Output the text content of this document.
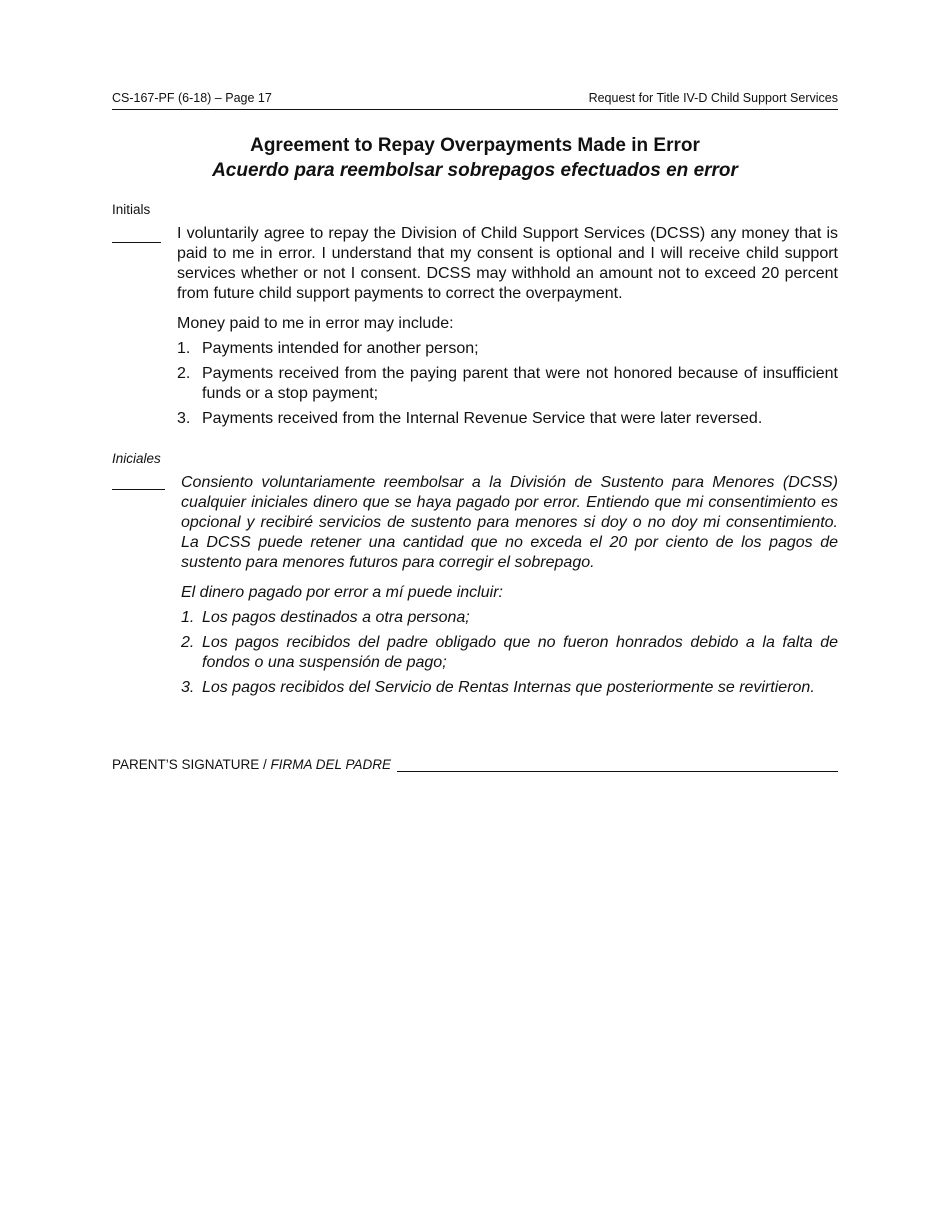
CS-167-PF (6-18) – Page 17	Request for Title IV-D Child Support Services
Agreement to Repay Overpayments Made in Error
Acuerdo para reembolsar sobrepagos efectuados en error
Initials

I voluntarily agree to repay the Division of Child Support Services (DCSS) any money that is paid to me in error. I understand that my consent is optional and I will receive child support services whether or not I consent. DCSS may withhold an amount not to exceed 20 percent from future child support payments to correct the overpayment.

Money paid to me in error may include:

1. Payments intended for another person;
2. Payments received from the paying parent that were not honored because of insufficient funds or a stop payment;
3. Payments received from the Internal Revenue Service that were later reversed.
Iniciales

Consiento voluntariamente reembolsar a la División de Sustento para Menores (DCSS) cualquier iniciales dinero que se haya pagado por error. Entiendo que mi consentimiento es opcional y recibiré servicios de sustento para menores si doy o no doy mi consentimiento. La DCSS puede retener una cantidad que no exceda el 20 por ciento de los pagos de sustento para menores futuros para corregir el sobrepago.

El dinero pagado por error a mí puede incluir:

1. Los pagos destinados a otra persona;
2. Los pagos recibidos del padre obligado que no fueron honrados debido a la falta de fondos o una suspensión de pago;
3. Los pagos recibidos del Servicio de Rentas Internas que posteriormente se revirtieron.
PARENT’S SIGNATURE / FIRMA DEL PADRE
